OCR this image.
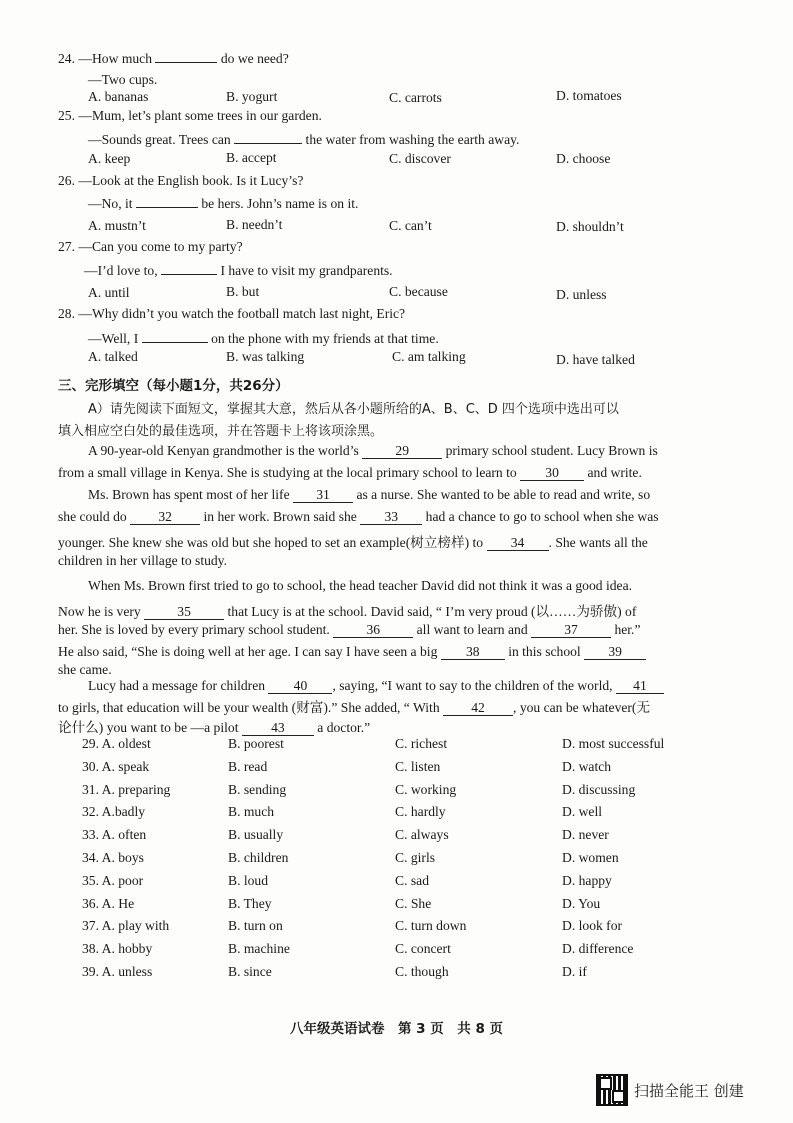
24. —How much	do we need?
—Two cups.
A. bananas	B. yogurt	C. carrots	D. tomatoes
25. —Mum, let’s plant some trees in our garden.
—Sounds great. Trees can	the water from washing the earth away.
A. keep	B. accept	C. discover	D. choose
26. —Look at the English book. Is it Lucy’s?
—No, it	be hers. John’s name is on it.
A. mustn’t	B. needn’t	C. can’t	D. shouldn’t
27. —Can you come to my party?
—I’d love to,	I have to visit my grandparents.
A. until	B. but	C. because	D. unless
28. —Why didn’t you watch the football match last night, Eric?
—Well, I	on the phone with my friends at that time.
A. talked	B. was talking	C. am talking	D. have talked
三、完形填空（每小题1分，共26分）
A）请先阅读下面短文，掌握其大意，然后从各小题所给的A、B、C、D 四个选项中选出可以
填入相应空白处的最佳选项，并在答题卡上将该项涂黑。
A 90-year-old Kenyan grandmother is the world’s	29	primary school student. Lucy Brown is
from a small village in Kenya. She is studying at the local primary school to learn to 30 and write.
Ms. Brown has spent most of her life 31 as a nurse. She wanted to be able to read and write, so
she could do 32 in her work. Brown said she 33 had a chance to go to school when she was
younger. She knew she was old but she hoped to set an example(树立榜样) to 34 . She wants all the
children in her village to study.
When Ms. Brown first tried to go to school, the head teacher David did not think it was a good idea.
Now he is very	35	that Lucy is at the school. David said, “ I’m very proud (以……为骄傲) of
her. She is loved by every primary school student.	36	all want to learn and	37	her.”
He also said, “She is doing well at her age. I can say I have seen a big 38 in this school 39
she came.
Lucy had a message for children 40 , saying, “I want to say to the children of the world, 41
to girls, that education will be your wealth (财富).” She added, “ With 42 , you can be whatever(无
论什么) you want to be —a pilot 43 a doctor.”
29. A. oldest	B. poorest	C. richest	D. most successful
30. A. speak	B. read	C. listen	D. watch
31. A. preparing	B. sending	C. working	D. discussing
32. A.badly	B. much	C. hardly	D. well
33. A. often	B. usually	C. always	D. never
34. A. boys	B. children	C. girls	D. women
35. A. poor	B. loud	C. sad	D. happy
36. A. He	B. They	C. She	D. You
37. A. play with	B. turn on	C. turn down	D. look for
38. A. hobby	B. machine	C. concert	D. difference
39. A. unless	B. since	C. though	D. if
八年级英语试卷　第 3 页　共 8 页
扫描全能王 创建
